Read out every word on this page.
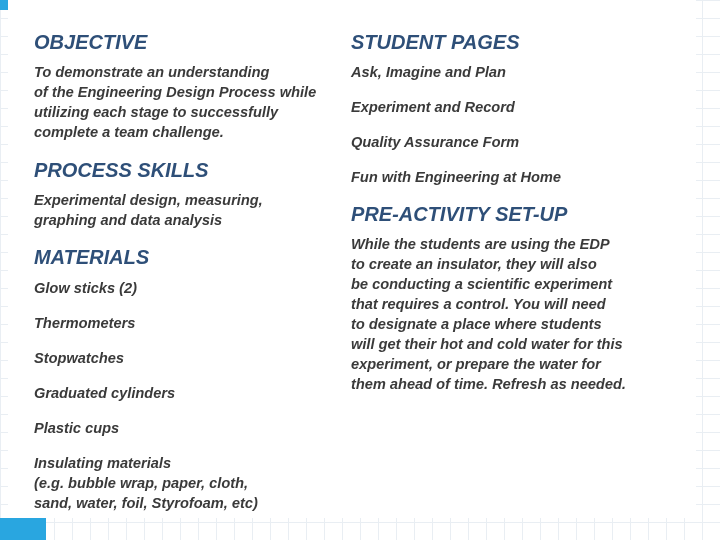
OBJECTIVE

To demonstrate an understanding
of the Engineering Design Process while
utilizing each stage to successfully
complete a team challenge.

PROCESS SKILLS

Experimental design, measuring,
graphing and data analysis

MATERIALS

Glow sticks (2)

Thermometers

Stopwatches

Graduated cylinders

Plastic cups

Insulating materials
(e.g. bubble wrap, paper, cloth,
sand, water, foil, Styrofoam, etc)

STUDENT PAGES

Ask, Imagine and Plan

Experiment and Record

Quality Assurance Form

Fun with Engineering at Home

PRE-ACTIVITY SET-UP

While the students are using the EDP
to create an insulator, they will also
be conducting a scientific experiment
that requires a control. You will need
to designate a place where students
will get their hot and cold water for this
experiment, or prepare the water for
them ahead of time. Refresh as needed.
